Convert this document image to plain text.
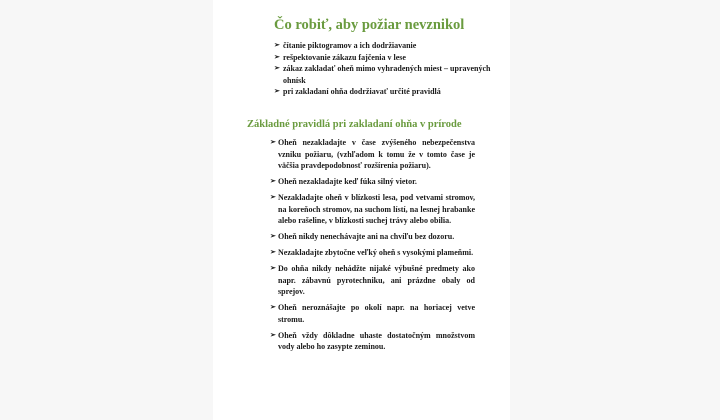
Čo robiť, aby požiar nevznikol
➢ čítanie piktogramov a ich dodržiavanie
➢ rešpektovanie zákazu fajčenia v lese
➢ zákaz zakladať oheň mimo vyhradených miest – upravených ohnísk
➢ pri zakladaní ohňa dodržiavať určité pravidlá
Základné pravidlá pri zakladaní ohňa v prírode
➢ Oheň nezakladajte v čase zvýšeného nebezpečenstva vzniku požiaru, (vzhľadom k tomu že v tomto čase je väčšia pravdepodobnosť rozšírenia požiaru).
➢ Oheň nezakladajte keď fúka silný vietor.
➢ Nezakladajte oheň v blízkosti lesa, pod vetvami stromov, na koreňoch stromov, na suchom lístí, na lesnej hrabanke alebo rašeline, v blízkosti suchej trávy alebo obilia.
➢ Oheň nikdy nenechávajte ani na chvíľu bez dozoru.
➢ Nezakladajte zbytočne veľký oheň s vysokými plameňmi.
➢ Do ohňa nikdy nehádžte nijaké výbušné predmety ako napr. zábavnú pyrotechniku, ani prázdne obaly od sprejov.
➢ Oheň neroznášajte po okolí napr. na horiacej vetve stromu.
➢ Oheň vždy dôkladne uhaste dostatočným množstvom vody alebo ho zasypte zeminou.
